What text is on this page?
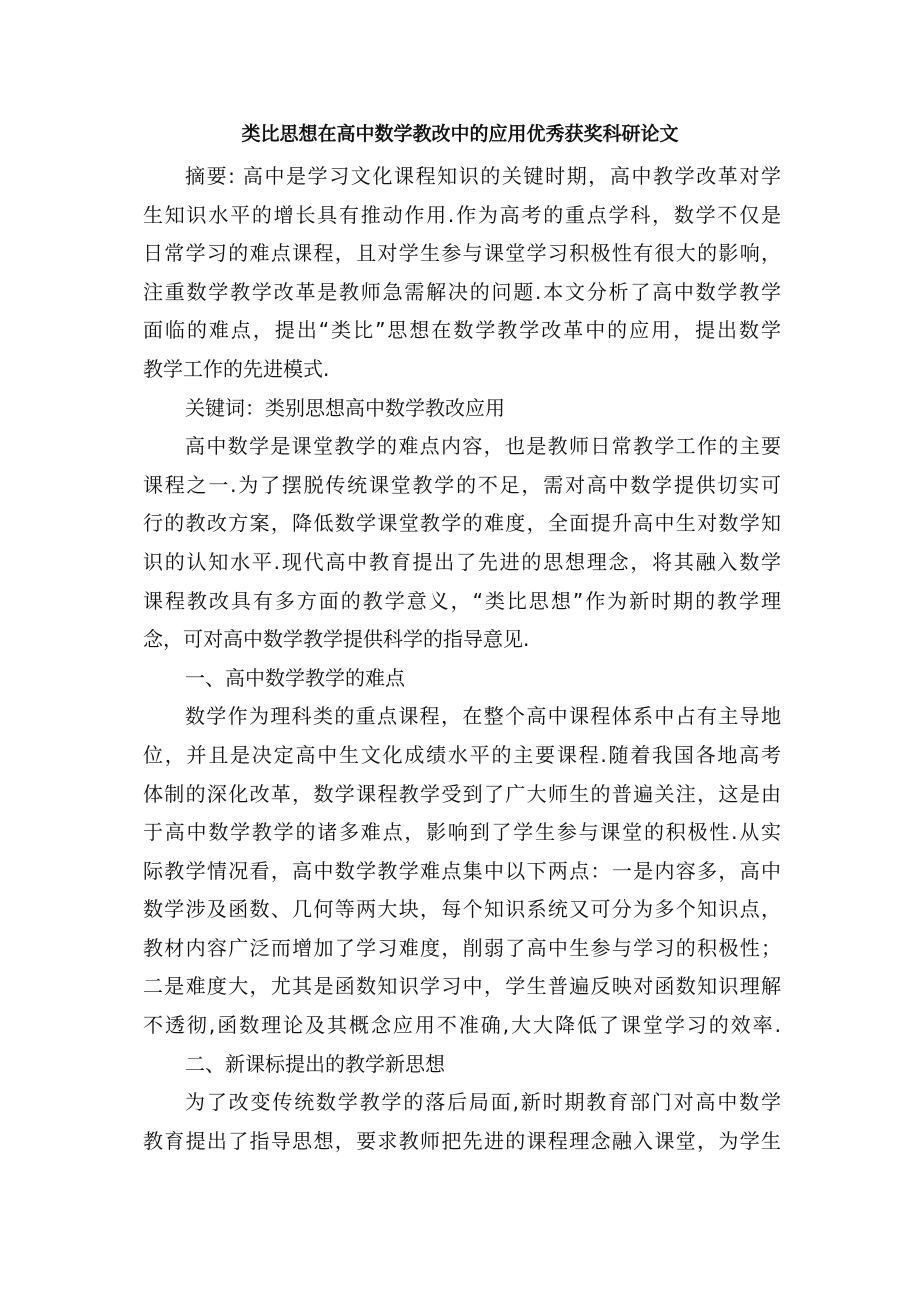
类比思想在高中数学教改中的应用优秀获奖科研论文
摘要: 高中是学习文化课程知识的关键时期，高中教学改革对学
生知识水平的增长具有推动作用.作为高考的重点学科，数学不仅是
日常学习的难点课程，且对学生参与课堂学习积极性有很大的影响，
注重数学教学改革是教师急需解决的问题.本文分析了高中数学教学
面临的难点，提出“类比”思想在数学教学改革中的应用，提出数学
教学工作的先进模式.
关键词：类别思想高中数学教改应用
高中数学是课堂教学的难点内容，也是教师日常教学工作的主要
课程之一.为了摆脱传统课堂教学的不足，需对高中数学提供切实可
行的教改方案，降低数学课堂教学的难度，全面提升高中生对数学知
识的认知水平.现代高中教育提出了先进的思想理念，将其融入数学
课程教改具有多方面的教学意义，“类比思想”作为新时期的教学理
念，可对高中数学教学提供科学的指导意见.
一、高中数学教学的难点
数学作为理科类的重点课程，在整个高中课程体系中占有主导地
位，并且是决定高中生文化成绩水平的主要课程.随着我国各地高考
体制的深化改革，数学课程教学受到了广大师生的普遍关注，这是由
于高中数学教学的诸多难点，影响到了学生参与课堂的积极性.从实
际教学情况看，高中数学教学难点集中以下两点：一是内容多，高中
数学涉及函数、几何等两大块，每个知识系统又可分为多个知识点，
教材内容广泛而增加了学习难度，削弱了高中生参与学习的积极性；
二是难度大，尤其是函数知识学习中，学生普遍反映对函数知识理解
不透彻,函数理论及其概念应用不准确,大大降低了课堂学习的效率.
二、新课标提出的教学新思想
为了改变传统数学教学的落后局面,新时期教育部门对高中数学
教育提出了指导思想，要求教师把先进的课程理念融入课堂，为学生
